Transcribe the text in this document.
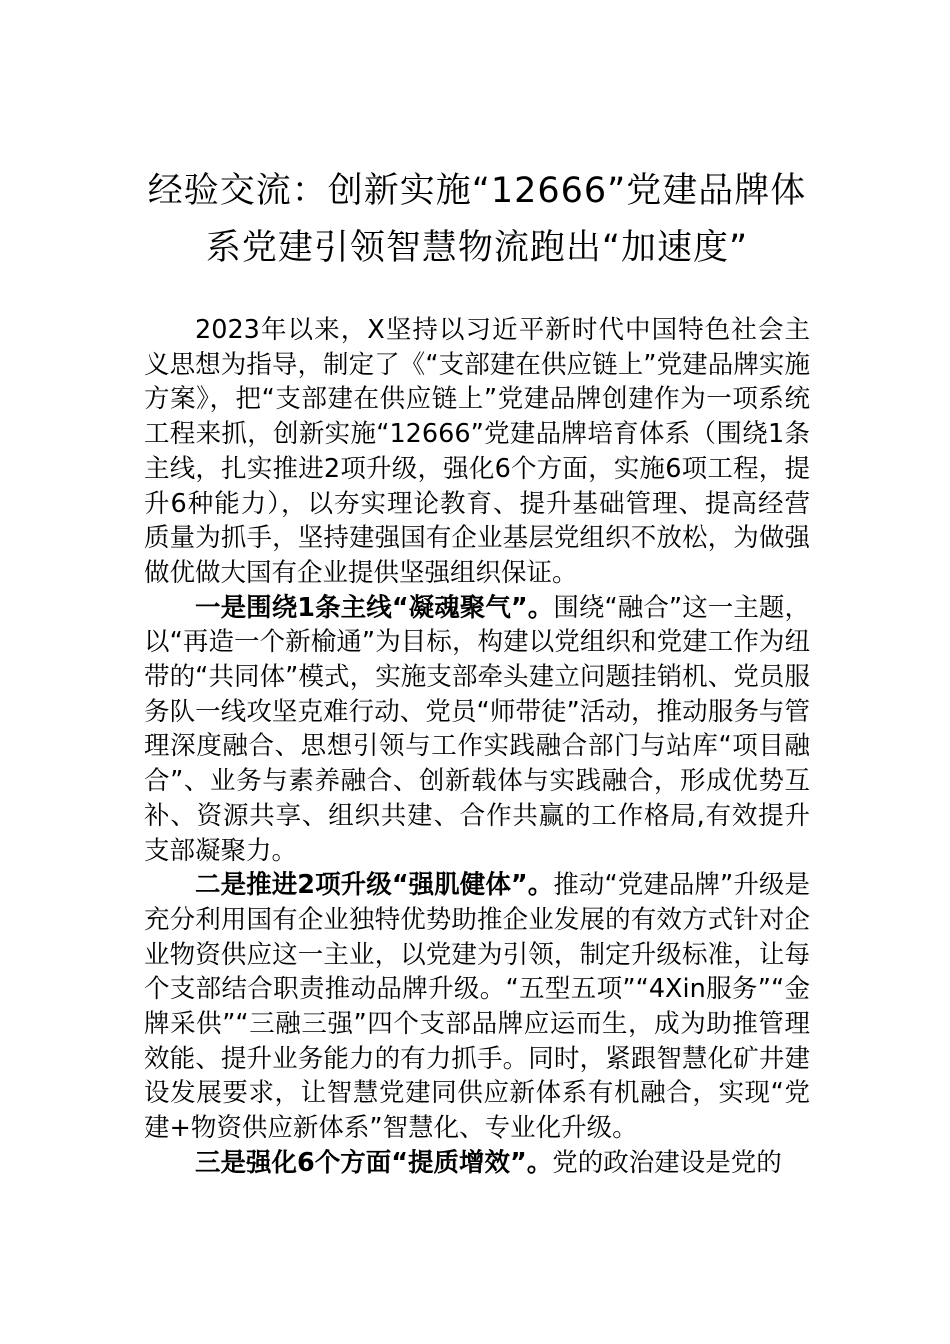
经验交流：创新实施“12666”党建品牌体
系党建引领智慧物流跑出“加速度”

2023年以来，X坚持以习近平新时代中国特色社会主义思想为指导，制定了《“支部建在供应链上”党建品牌实施方案》，把“支部建在供应链上”党建品牌创建作为一项系统工程来抓，创新实施“12666”党建品牌培育体系（围绕1条主线，扎实推进2项升级，强化6个方面，实施6项工程，提升6种能力），以夯实理论教育、提升基础管理、提高经营质量为抓手，坚持建强国有企业基层党组织不放松，为做强做优做大国有企业提供坚强组织保证。

一是围绕1条主线“凝魂聚气”。围绕“融合”这一主题，以“再造一个新榆通”为目标，构建以党组织和党建工作为纽带的“共同体”模式，实施支部牵头建立问题挂销机、党员服务队一线攻坚克难行动、党员“师带徒”活动，推动服务与管理深度融合、思想引领与工作实践融合部门与站库“项目融合”、业务与素养融合、创新载体与实践融合，形成优势互补、资源共享、组织共建、合作共赢的工作格局,有效提升支部凝聚力。

二是推进2项升级“强肌健体”。推动“党建品牌”升级是充分利用国有企业独特优势助推企业发展的有效方式针对企业物资供应这一主业，以党建为引领，制定升级标准，让每个支部结合职责推动品牌升级。“五型五项”“4Xin服务”“金牌采供”“三融三强”四个支部品牌应运而生，成为助推管理效能、提升业务能力的有力抓手。同时，紧跟智慧化矿井建设发展要求，让智慧党建同供应新体系有机融合，实现“党建+物资供应新体系”智慧化、专业化升级。

三是强化6个方面“提质增效”。党的政治建设是党的
